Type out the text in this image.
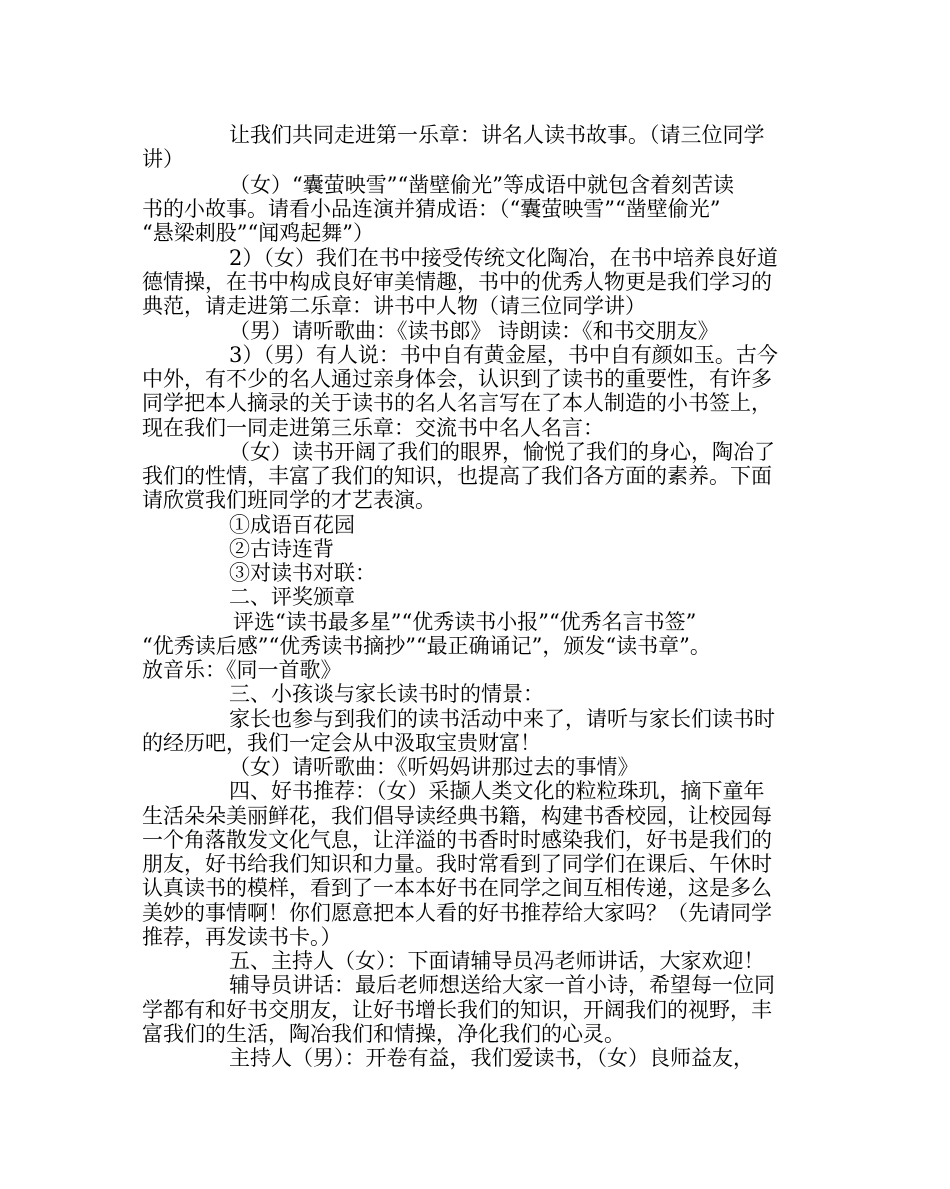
让我们共同走进第一乐章：讲名人读书故事。（请三位同学
讲）
（女）“囊萤映雪”“凿壁偷光”等成语中就包含着刻苦读
书的小故事。请看小品连演并猜成语：（“囊萤映雪”“凿壁偷光”
“悬梁刺股”“闻鸡起舞”）
2）（女）我们在书中接受传统文化陶冶，在书中培养良好道
德情操，在书中构成良好审美情趣，书中的优秀人物更是我们学习的
典范，请走进第二乐章：讲书中人物（请三位同学讲）
（男）请听歌曲：《读书郎》 诗朗读：《和书交朋友》
3）（男）有人说：书中自有黄金屋，书中自有颜如玉。古今
中外，有不少的名人通过亲身体会，认识到了读书的重要性，有许多
同学把本人摘录的关于读书的名人名言写在了本人制造的小书签上，
现在我们一同走进第三乐章：交流书中名人名言：
（女）读书开阔了我们的眼界，愉悦了我们的身心，陶冶了
我们的性情，丰富了我们的知识，也提高了我们各方面的素养。下面
请欣赏我们班同学的才艺表演。
①成语百花园
②古诗连背
③对读书对联：
二、评奖颁章
评选“读书最多星”“优秀读书小报”“优秀名言书签”
“优秀读后感”“优秀读书摘抄”“最正确诵记”，颁发“读书章”。
放音乐：《同一首歌》
三、小孩谈与家长读书时的情景：
家长也参与到我们的读书活动中来了，请听与家长们读书时
的经历吧，我们一定会从中汲取宝贵财富！
（女）请听歌曲：《听妈妈讲那过去的事情》
四、好书推荐：（女）采撷人类文化的粒粒珠玑，摘下童年
生活朵朵美丽鲜花，我们倡导读经典书籍，构建书香校园，让校园每
一个角落散发文化气息，让洋溢的书香时时感染我们，好书是我们的
朋友，好书给我们知识和力量。我时常看到了同学们在课后、午休时
认真读书的模样，看到了一本本好书在同学之间互相传递，这是多么
美妙的事情啊！你们愿意把本人看的好书推荐给大家吗？（先请同学
推荐，再发读书卡。）
五、主持人（女）：下面请辅导员冯老师讲话，大家欢迎！
辅导员讲话：最后老师想送给大家一首小诗，希望每一位同
学都有和好书交朋友，让好书增长我们的知识，开阔我们的视野，丰
富我们的生活，陶冶我们和情操，净化我们的心灵。
主持人（男）：开卷有益，我们爱读书，（女）良师益友，
